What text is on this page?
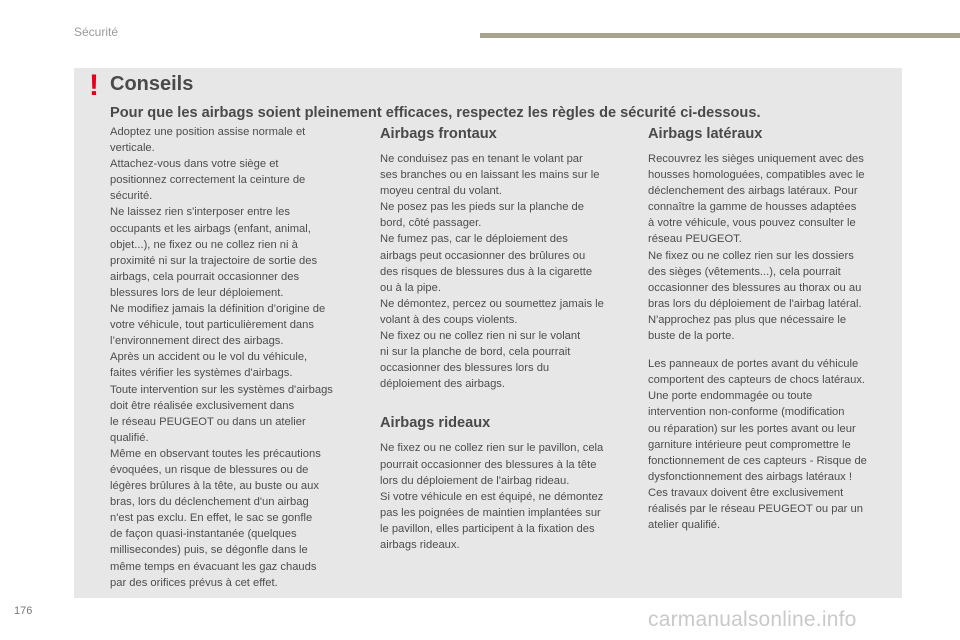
Sécurité
! Conseils
Pour que les airbags soient pleinement efficaces, respectez les règles de sécurité ci-dessous.

Adoptez une position assise normale et
verticale.
Attachez-vous dans votre siège et
positionnez correctement la ceinture de
sécurité.
Ne laissez rien s'interposer entre les
occupants et les airbags (enfant, animal,
objet...), ne fixez ou ne collez rien ni à
proximité ni sur la trajectoire de sortie des
airbags, cela pourrait occasionner des
blessures lors de leur déploiement.
Ne modifiez jamais la définition d’origine de
votre véhicule, tout particulièrement dans
l’environnement direct des airbags.
Après un accident ou le vol du véhicule,
faites vérifier les systèmes d'airbags.
Toute intervention sur les systèmes d'airbags
doit être réalisée exclusivement dans
le réseau PEUGEOT ou dans un atelier
qualifié.
Même en observant toutes les précautions
évoquées, un risque de blessures ou de
légères brûlures à la tête, au buste ou aux
bras, lors du déclenchement d'un airbag
n'est pas exclu. En effet, le sac se gonfle
de façon quasi-instantanée (quelques
millisecondes) puis, se dégonfle dans le
même temps en évacuant les gaz chauds
par des orifices prévus à cet effet.

Airbags frontaux

Ne conduisez pas en tenant le volant par
ses branches ou en laissant les mains sur le
moyeu central du volant.
Ne posez pas les pieds sur la planche de
bord, côté passager.
Ne fumez pas, car le déploiement des
airbags peut occasionner des brûlures ou
des risques de blessures dus à la cigarette
ou à la pipe.
Ne démontez, percez ou soumettez jamais le
volant à des coups violents.
Ne fixez ou ne collez rien ni sur le volant
ni sur la planche de bord, cela pourrait
occasionner des blessures lors du
déploiement des airbags.

Airbags rideaux

Ne fixez ou ne collez rien sur le pavillon, cela
pourrait occasionner des blessures à la tête
lors du déploiement de l'airbag rideau.
Si votre véhicule en est équipé, ne démontez
pas les poignées de maintien implantées sur
le pavillon, elles participent à la fixation des
airbags rideaux.

Airbags latéraux

Recouvrez les sièges uniquement avec des
housses homologuées, compatibles avec le
déclenchement des airbags latéraux. Pour
connaître la gamme de housses adaptées
à votre véhicule, vous pouvez consulter le
réseau PEUGEOT.
Ne fixez ou ne collez rien sur les dossiers
des sièges (vêtements...), cela pourrait
occasionner des blessures au thorax ou au
bras lors du déploiement de l'airbag latéral.
N'approchez pas plus que nécessaire le
buste de la porte.

Les panneaux de portes avant du véhicule
comportent des capteurs de chocs latéraux.
Une porte endommagée ou toute
intervention non-conforme (modification
ou réparation) sur les portes avant ou leur
garniture intérieure peut compromettre le
fonctionnement de ces capteurs - Risque de
dysfonctionnement des airbags latéraux !
Ces travaux doivent être exclusivement
réalisés par le réseau PEUGEOT ou par un
atelier qualifié.

176	carmanualsonline.info
